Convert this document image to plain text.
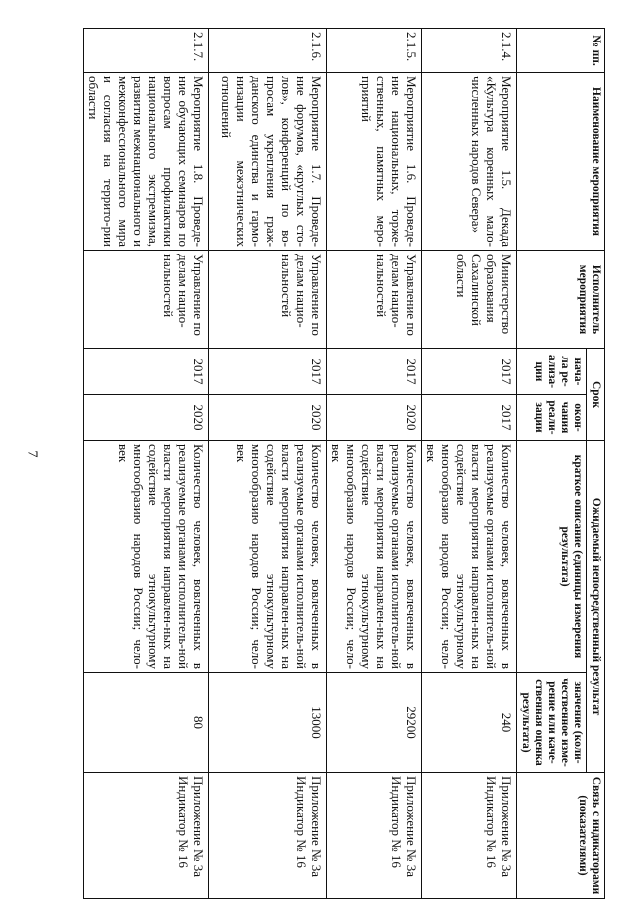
7
№ пп.	Наименование мероприятия	Исполнитель мероприятия	Срок		Ожидаемый непосредственный результат		Связь с индикаторами (показателями)
			нача-ла ре-ализа-ции	окон-чания реали-зации	краткое описание (единицы измерения результата)	значение (коли-чественное изме-рение или каче-ственная оценка результата)	
2.1.4.	Мероприятие 1.5. Декада «Культура коренных мало-численных народов Севера»	Министерство образования Сахалинской области	2017	2017	Количество человек, вовлеченных в реализуемые органами исполнитель-ной власти мероприятия направлен-ных на содействие этнокультурному многообразию народов России; чело-век	240	Приложение № 3а Индикатор № 16
2.1.5.	Мероприятие 1.6. Проведе-ние национальных, торже-ственных, памятных меро-приятий	Управление по делам нацио-нальностей	2017	2020	Количество человек, вовлеченных в реализуемые органами исполнитель-ной власти мероприятия направлен-ных на содействие этнокультурному многообразию народов России; чело-век	29200	Приложение № 3а Индикатор № 16
2.1.6.	Мероприятие 1.7. Проведе-ние форумов, «круглых сто-лов», конференций по во-просам укрепления граж-данского единства и гармо-низации межэтнических отношений	Управление по делам нацио-нальностей	2017	2020	Количество человек, вовлеченных в реализуемые органами исполнитель-ной власти мероприятия направлен-ных на содействие этнокультурному многообразию народов России; чело-век	13000	Приложение № 3а Индикатор № 16
2.1.7.	Мероприятие 1.8. Проведе-ние обучающих семинаров по вопросам профилактики национального экстремизма, развития межнационального и межконфессионального мира и согласия на террито-рии области	Управление по делам нацио-нальностей	2017	2020	Количество человек, вовлеченных в реализуемые органами исполнитель-ной власти мероприятия направлен-ных на содействие этнокультурному многообразию народов России; чело-век	80	Приложение № 3а Индикатор № 16
